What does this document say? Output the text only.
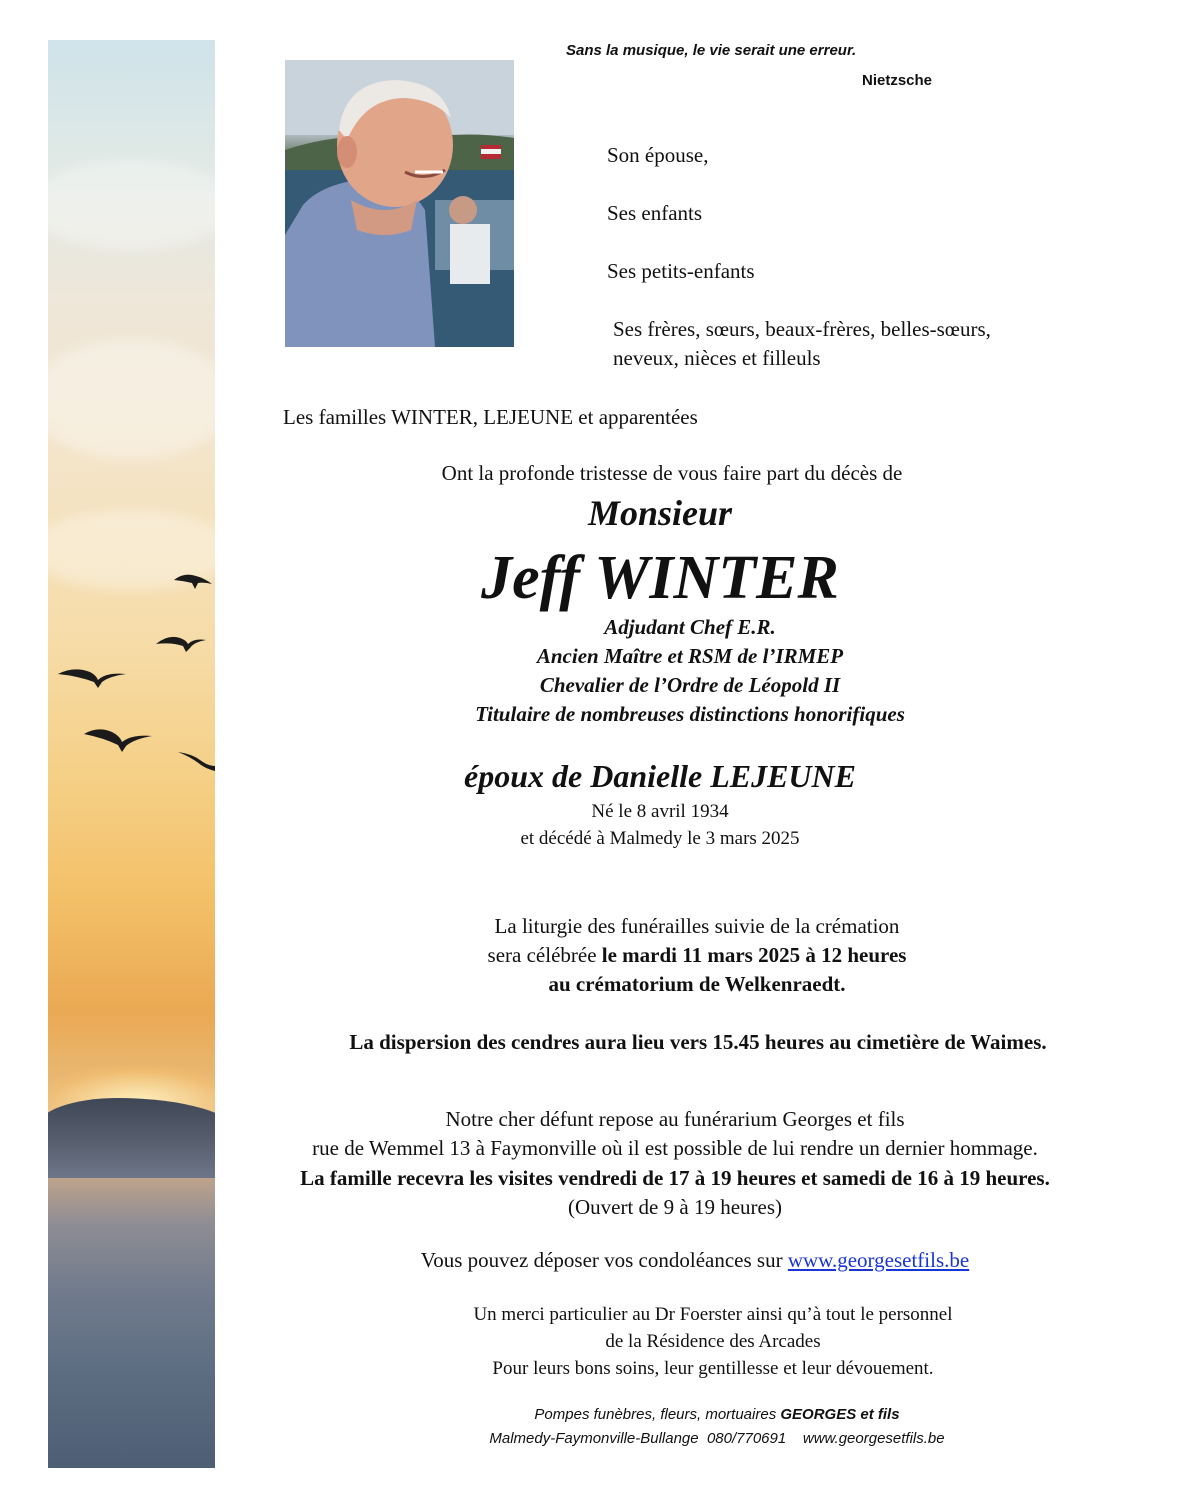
Sans la musique, le vie serait une erreur.
Nietzsche
Son épouse,
Ses enfants
Ses petits-enfants
Ses frères, sœurs, beaux-frères, belles-sœurs,
neveux, nièces et filleuls
Les familles WINTER, LEJEUNE et apparentées
Ont la profonde tristesse de vous faire part du décès de
Monsieur
Jeff WINTER
Adjudant Chef E.R.
Ancien Maître et RSM de l’IRMEP
Chevalier de l’Ordre de Léopold II
Titulaire de nombreuses distinctions honorifiques
époux de Danielle LEJEUNE
Né le 8 avril 1934
et décédé à Malmedy le 3 mars 2025
La liturgie des funérailles suivie de la crémation
sera célébrée le mardi 11 mars 2025 à 12 heures
au crématorium de Welkenraedt.
La dispersion des cendres aura lieu vers 15.45 heures au cimetière de Waimes.
Notre cher défunt repose au funérarium Georges et fils
rue de Wemmel 13 à Faymonville où il est possible de lui rendre un dernier hommage.
La famille recevra les visites vendredi de 17 à 19 heures et samedi de 16 à 19 heures.
(Ouvert de 9 à 19 heures)
Vous pouvez déposer vos condoléances sur www.georgesetfils.be
Un merci particulier au Dr Foerster ainsi qu’à tout le personnel
de la Résidence des Arcades
Pour leurs bons soins, leur gentillesse et leur dévouement.
Pompes funèbres, fleurs, mortuaires GEORGES et fils
Malmedy-Faymonville-Bullange  080/770691    www.georgesetfils.be
